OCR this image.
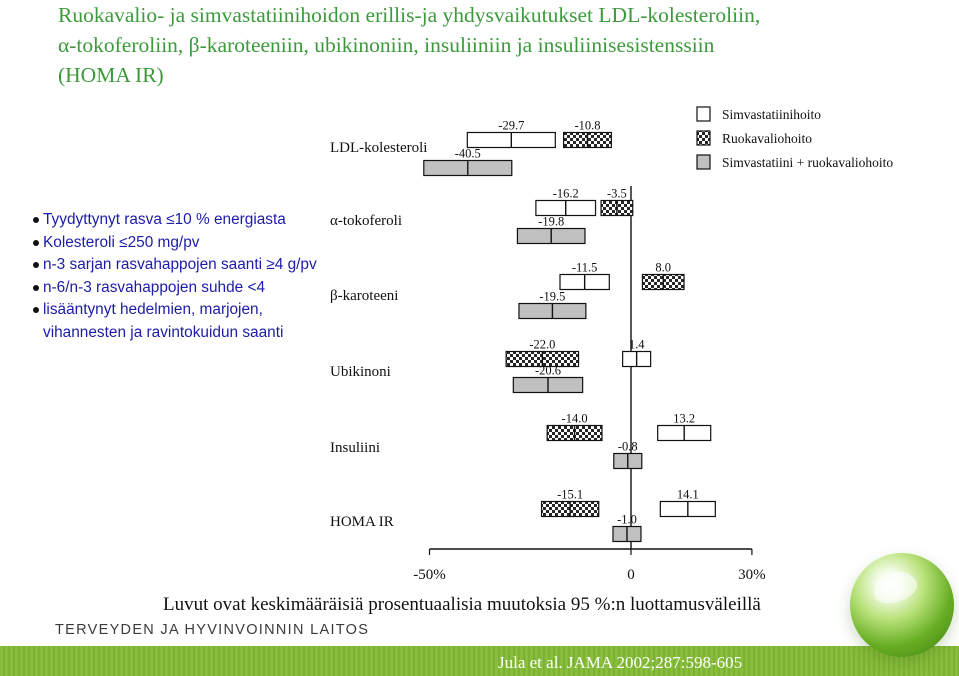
Ruokavalio- ja simvastatiinihoidon erillis-ja yhdysvaikutukset LDL-kolesteroliin,
α-tokoferoliin, β-karoteeniin, ubikinoniin, insuliiniin ja insuliinisesistenssiin
(HOMA IR)
Tyydyttynyt rasva ≤10 % energiasta
Kolesteroli ≤250 mg/pv
n-3 sarjan rasvahappojen saanti ≥4 g/pv
n-6/n-3 rasvahappojen suhde <4
lisääntynyt hedelmien, marjojen, vihannesten ja ravintokuidun saanti
-50%	0	30%
LDL-kolesteroli
-29.7	-10.8
-40.5
α-tokoferoli
-16.2 -3.5
-19.8
β-karoteeni
-11.5	8.0
-19.5
Ubikinoni
1.4
-22.0
-20.6
Insuliini
13.2
-14.0
-0.8
HOMA IR
14.1
-15.1
-1.0
Simvastatiinihoito
Ruokavaliohoito
Simvastatiini + ruokavaliohoito
Luvut ovat keskimääräisiä prosentuaalisia muutoksia 95 %:n luottamusväleillä
TERVEYDEN JA HYVINVOINNIN LAITOS
Jula et al. JAMA 2002;287:598-605
